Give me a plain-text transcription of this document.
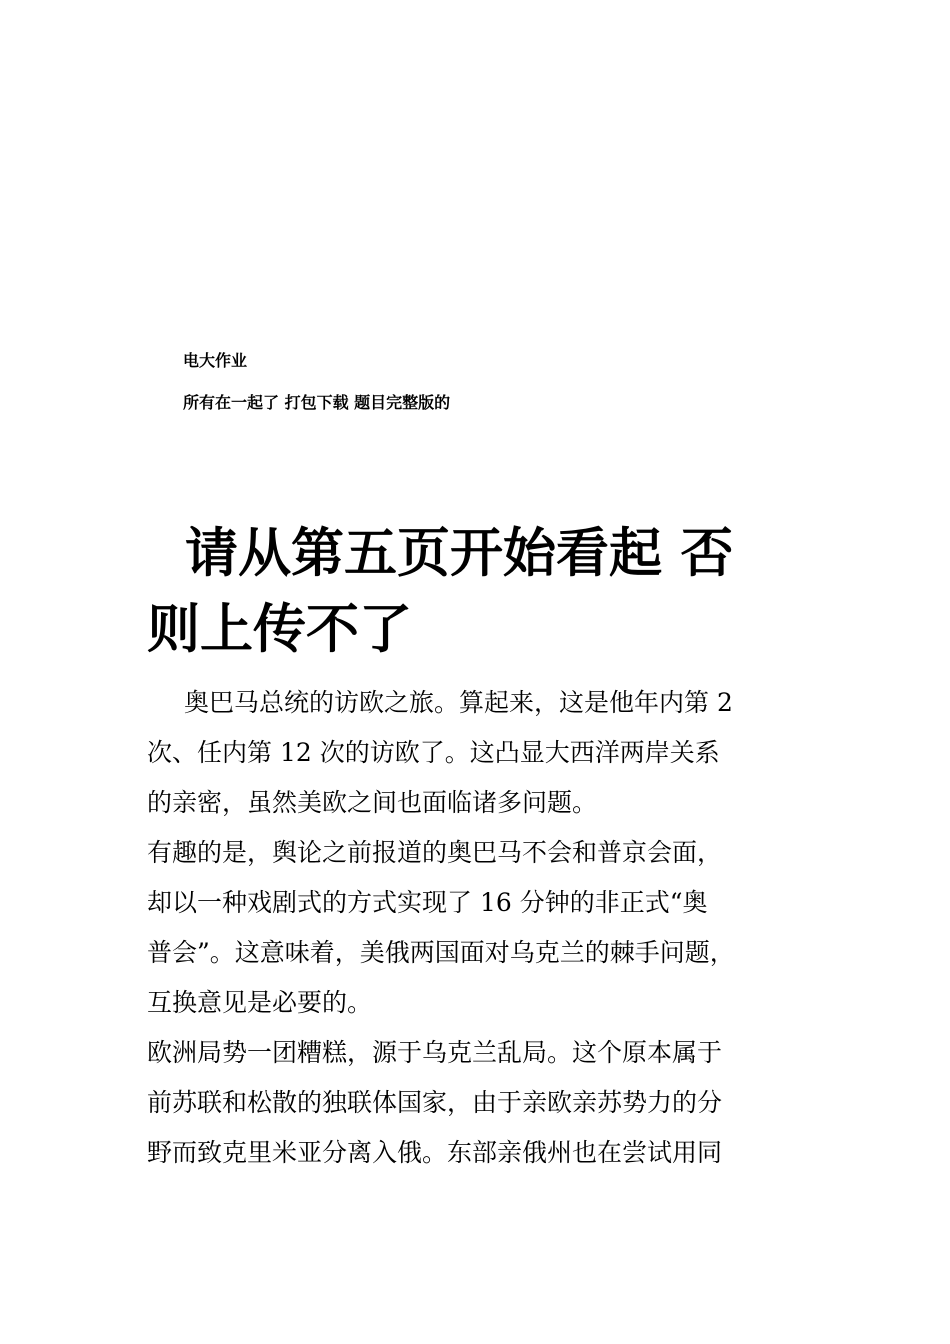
电大作业
所有在一起了 打包下载 题目完整版的
请从第五页开始看起 否
则上传不了
奥巴马总统的访欧之旅。算起来，这是他年内第 2
次、任内第 12 次的访欧了。这凸显大西洋两岸关系
的亲密，虽然美欧之间也面临诸多问题。
有趣的是，舆论之前报道的奥巴马不会和普京会面，
却以一种戏剧式的方式实现了 16 分钟的非正式“奥
普会”。这意味着，美俄两国面对乌克兰的棘手问题，
互换意见是必要的。
欧洲局势一团糟糕，源于乌克兰乱局。这个原本属于
前苏联和松散的独联体国家，由于亲欧亲苏势力的分
野而致克里米亚分离入俄。东部亲俄州也在尝试用同
